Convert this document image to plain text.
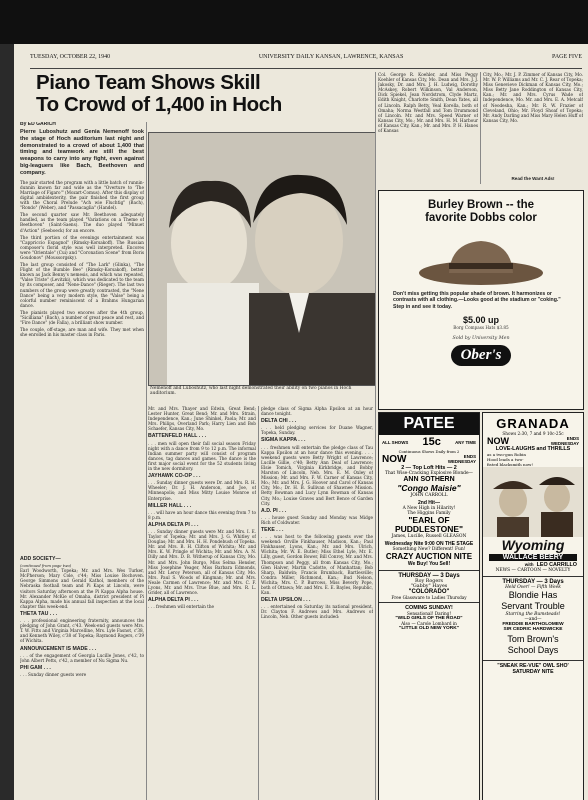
TUESDAY, OCTOBER 22, 1940	UNIVERSITY DAILY KANSAN, LAWRENCE, KANSAS	PAGE FIVE
Piano Team Shows Skill
To Crowd of 1,400 in Hoch
By ED GARICH
Pierre Luboshutz and Genia Nemenoff took the stage of Hoch auditorium last night and demonstrated to a crowd of about 1,400 that timing and teamwork are still the best weapons to carry into any fight, even against big-leaguers like Bach, Beethoven and company.

The pair started the program with a little batch of runnin-dunnin known far and wide as the "Overture to 'The Marriage of Figaro'" (Mozart-Comus). After this display of digital ambidexterity, the pair finished the first group with the Choral Prelude "Ach wie Fluchtig" (Bach), "Rondo" (Weber), and "Passacaglia" (Handel).

The second quarter saw Mr. Beethoven adequately handled, as the team played "Variations on a Theme of Beethoven" (Saint-Saens). The duo played "Minuet d'Action" (Seeboeck) for an encore.

The third portion of the evenings entertainment was "Cappriccio Espagnol" (Rimsky-Korsakoff). The Russian composer's florid style was well interpreted. Encores were "Orientale" (Cui) and "Coronation Scene" from Boris Goudonov" (Moussorgsky).

The last group consisted of "The Lark" (Glinka), "The Flight of the Bumble Bee" (Rimsky-Korsakoff), better known as Jack Benny's nemesis, and which was repeated, "Valse Triste" (Levitzki), which was dedicated to the team by its composer, and "Nene-Dance" (Rieger). The last two numbers of the group were greatly contrasted, the "Nene Dance" being a very modern style, the "Valse" being a colorful number reminiscent of a Brahms Hungarian dance.

The pianists played two encores after the 4th group, "Sicilliana" (Bach), a number of great peace and rest, and "Fire Dance" (de Falla), a brilliant show number.

The couple, off-stage, are man and wife. They met when she enrolled in his master class in Paris.

ADD SOCIETY—
(continued from page two)

Earl Woodworth, Topeka; Mr. and Mrs. Wes Turker, McPherson; Mary Cole, c'44; Miss Louise Bochoven. George Simmons and Gerald Kathol, members of the Nebraska football team and Pi Kaps at Lincoln, were visitors Saturday afternoon at the Pi Kappa Alpha house. Mr. Alexander McKie of Omaha, district president of Pi Kappa Alpha, made his annual fall inspection at the local chapter this week-end.

THETA TAU . . .

. . . professional engineering fraternity, announces the pledging of John Grant, c'43. Week-end guests were Mrs. T. W. Fitts and Virginia Marcelline, Mrs. Lyle Fasnot, c'38, and Kenneth Wiley, c'38 of Topeka; Raymond Rogers, c'39 of Wichita.

ANNOUNCEMENT IS MADE . . .

. . . of the engagement of Georgia Lucille Jones, c'42, to John Albert Petts, c'42, a member of Nu Sigma Nu.

PHI GAM . . .

. . . Sunday dinner guests were

Nemenoff and Luboshutz, who last night demonstrated their ability on two pianos in Hoch auditorium.

Mr. and Mrs. Thayer and Edwin, Great Bend; Lester Hunter, Great Bend; Mr. and Mrs. Strain, Independence, Kan.; June Shinkel, Paola; Mr. and Mrs. Philips, Overland Park; Harry Lien and Bob Schaefer, Kansas City, Mo.

BATTENFELD HALL . . .

. . . men will open their fall social season Friday night with a dance from 9 to 12 p.m. The informal Indian summer party will consist of program dances, tag dances and games. The dance is the first major social event for the 52 students living in the new dormitory.

JAYHAWK CO-OP . . .

. . . Sunday dinner guests were Dr. and Mrs. R. H. Wheeler; Dr. J. H. Anderson, and Joe, of Minneapolis; and Miss Mitty Louise Monroe of Enterprise.

MILLER HALL . . .

. . . will have an hour dance this evening from 7 to 8 p.m.

ALPHA DELTA PI . . .

. . . Sunday dinner guests were Mr. and Mrs. I. E. Taylor of Topeka; Mr. and Mrs. J. G. Whitley of Douglas; Mr. and Mrs. H. H. Pondebush of Topeka. Mr. and Mrs. B. H. Clifton of Wichita; Mr. and Mrs. K. W. Pringle of Wichita; Mr. and Mrs. A. N. Dilly and Mrs. D. B. Witherup of Kansas City, Mo. Mr. and Mrs. John Burgo, Miss Selma Hensler, Miss Josephine Yeager, Miss Barbara Edmonds, and Mr. Leroy Peterson, all of Kansas City, Mo. Mrs. Paul S. Woods of Kingman; Mr. and Mrs. Neale Carmen of Lawrence; Mr. and Mrs. C. F. Lyons, Mr. and Mrs. True Blue, and Mrs. R. L. Grider, all of Lawrence.

ALPHA DELTA PI . . .

. . . freshmen will entertain the

pledge class of Sigma Alpha Epsilon at an hour dance tonight.

DELTA CHI . . .

. . . held pledging services for Duane Wagner, Topeka, Sunday.

SIGMA KAPPA . . .

. . . freshmen will entertain the pledge class of Tau Kappa Epsilon at an hour dance this evening. . . . weekend guests were Betty Wright of Lawrence; Lucille Gillie, c'40; Betty Ann Deal of Lawrence; Elsie Tomich, Virginia Kirkbridge, and Bobby Marston of Lincoln, Neb. Mrs. E. M. Oxley of Mission; Mr. and Mrs. F. W. Carner of Kansas City, Mo.; Mr. and Mrs. J. G. Hoover and Carol of Kansas City, Mo.; Dr. H. B. Sullivan of Shawnee Mission. Betty Bowman and Lucy Lynn Bowman of Kansas City, Mo.; Louise Graves and Bert Bence of Garden City.

A.D. PI . . .

. . . house guest Sunday and Monday was Midge Rich of Coldwater.

TEKE . . .

. . . was host to the following guests over the weekend: Orville Finkhauser, Madison, Kan.; Paul Finkhauser, Lyons, Kan.; Mr. and Mrs. Ulrich, Wichita; Mr. W. E. Butler; Miss Ethel Lyle, Mr. E. Lilly, guest, Gordon Bower, Bill Conroy, Mr. and Mrs. Thompson and Peggy, all from Kansas City, Mo.; Glen Halver, Martin Cadotte, of Manhattan; Bob Sharp, Baldwin; Francis Brumback, Bartlesville; Condra Miller, Richmond, Kan.; Bud Nelson, Wichita; Mrs. C. P. Burrows, Miss Beverly Pope, both of Ottawa; Mr. and Mrs. E. E. Bayles, Republic, Kan.

DELTA UPSILON . . .

. . . entertained on Saturday its national president, Dr. Clayton F. Andrews and Mrs. Andrews of Lincoln, Neb. Other guests included:

Col. George R. Koehler, and Miss Peggy Koehler of Kansas City, Mo. Dean and Mrs. J. J. Jakosky, Dr. and Mrs. J. H. Ludwig, Dorothy McAskey, Robert Wilkinson, Val Anderson, Dick Spiekel, Jean Nordstrom, Clyde Martz, Edith Knight, Charlotte Smith, Dean Yates, all of Lincoln. Ralph Betty, Veal Korella, both of Omaha; Norma Westfall and Tom Drummond of Lincoln. Mr. and Mrs. Speed Warner of Kansas City, Mo.; Mr. and Mrs. H. M. Harbour of Kansas City, Kan.; Mr. and Mrs. P. H. Hanes of Kansas
City, Mo.; Mr. J. P. Zimmer of Kansas City, Mo. Mr. W. P. Williams and Mr. C. J. Rear of Topeka; Miss Genevieve Dickman of Kansas City, Mo.; Miss Betty Jane Roddington of Kansas City, Kan.; Mr. and Mrs. Cyrus Wade of Independence, Mo. Mr. and Mrs. E. A. Metcalf of Neodesha, Kan.; Mr. R. W. Frazier of Cleveland, Ohio; Mr. Floyd Shoaf of Topeka; Mr. Andy Darling and Miss Mary Helen Huff of Kansas City, Mo.
Read the Want Ads!
Burley Brown -- the
favorite Dobbs color
Don't miss getting this popular shade of brown. It harmonizes or contrasts with all clothing.—Looks good at the stadium or "coking." Step in and see it today.
$5.00 up
Borg Compass Hats $3.85
Sold by University Men
Ober's
PATEE
ALL SHOWS 15c	ANY TIME
Continuous Shows Daily from 2
NOW	ENDS WEDNESDAY
2 — Top Loft Hits — 2
That Wise-Cracking Explosive Blonde—
ANN SOTHERN
"Congo Maisie"
JOHN CARROLL
2nd Hit—
A New High in Hilarity!
The Higgins Family
"EARL OF PUDDLESTONE"
James, Lucille, Russell GLEASON
Wednesday Nite 9:00 ON THE STAGE
Something New? Different! Fun!
CRAZY AUCTION NITE
We Buy! You Sell!
THURSDAY — 3 Days
Roy Rogers
"Gabby" Hayes
"COLORADO"
Free Glassware to Ladies Thursday
COMING SUNDAY!
Sensational! Daring!
"WILD GIRLS OF THE ROAD"
Also — Carole Lombard in
"LITTLE OLD NEW YORK"
GRANADA
Shows 2:30, 7 and 9 10c-25c
NOW	ENDS WEDNESDAY
LOVE-LAUGHS and THRILLS
as a two-gun Robin Hood leads a two-fisted blacksmith now!
Wyoming
WALLACE BEERY
with LEO CARRILLO
NEWS — CARTOON — NOVELTY
THURSDAY — 3 Days
Held Over! — Fifth Week
Blondie Has
Servant Trouble
Starring the Bumsteads!
—and—
FREDDIE BARTHOLOMEW
SIR CEDRIC HARDWICKE
Tom Brown's
School Days
"SNEAK RE-VUE" OWL SHO' SATURDAY NITE
